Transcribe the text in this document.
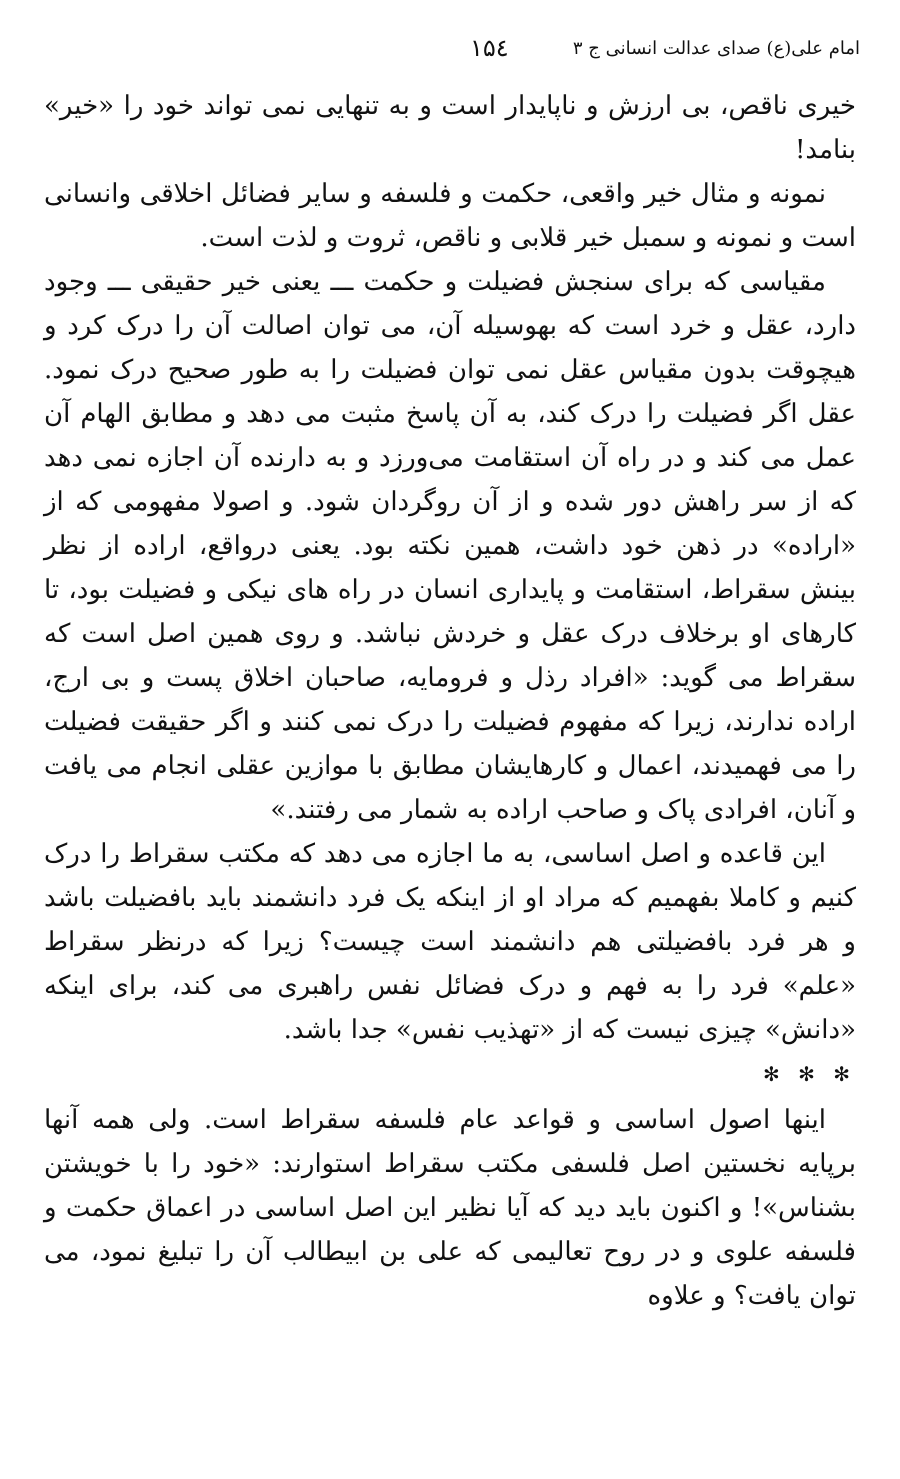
امام علی(ع) صدای عدالت انسانی ج ۳
۱۵٤

خیری ناقص، بی ارزش و ناپایدار است و به تنهایی نمی تواند خود را «خیر» بنامد!

نمونه و مثال خیر واقعی، حکمت و فلسفه و سایر فضائل اخلاقی وانسانی است و نمونه و سمبل خیر قلابی و ناقص، ثروت و لذت است.

مقیاسی که برای سنجش فضیلت و حکمت ـــ یعنی خیر حقیقی ـــ وجود دارد، عقل و خرد است که بهوسیله آن، می توان اصالت آن را درک کرد و هیچوقت بدون مقیاس عقل نمی توان فضیلت را به طور صحیح درک نمود. عقل اگر فضیلت را درک کند، به آن پاسخ مثبت می دهد و مطابق الهام آن عمل می کند و در راه آن استقامت می‌ورزد و به دارنده آن اجازه نمی دهد که از سر راهش دور شده و از آن روگردان شود. و اصولا مفهومی که از «اراده» در ذهن خود داشت، همین نکته بود. یعنی درواقع، اراده از نظر بینش سقراط، استقامت و پایداری انسان در راه های نیکی و فضیلت بود، تا کارهای او برخلاف درک عقل و خردش نباشد. و روی همین اصل است که سقراط می گوید: «افراد رذل و فرومایه، صاحبان اخلاق پست و بی ارج، اراده ندارند، زیرا که مفهوم فضیلت را درک نمی کنند و اگر حقیقت فضیلت را می فهمیدند، اعمال و کارهایشان مطابق با موازین عقلی انجام می یافت و آنان، افرادی پاک و صاحب اراده به شمار می رفتند.»

این قاعده و اصل اساسی، به ما اجازه می دهد که مکتب سقراط را درک کنیم و کاملا بفهمیم که مراد او از اینکه یک فرد دانشمند باید بافضیلت باشد و هر فرد بافضیلتی هم دانشمند است چیست؟ زیرا که درنظر سقراط «علم» فرد را به فهم و درک فضائل نفس راهبری می کند، برای اینکه «دانش» چیزی نیست که از «تهذیب نفس» جدا باشد.

✻ ✻ ✻

اینها اصول اساسی و قواعد عام فلسفه سقراط است. ولی همه آنها برپایه نخستین اصل فلسفی مکتب سقراط استوارند: «خود را با خویشتن بشناس»! و اکنون باید دید که آیا نظیر این اصل اساسی در اعماق حکمت و فلسفه علوی و در روح تعالیمی که علی بن ابیطالب آن را تبلیغ نمود، می توان یافت؟ و علاوه
